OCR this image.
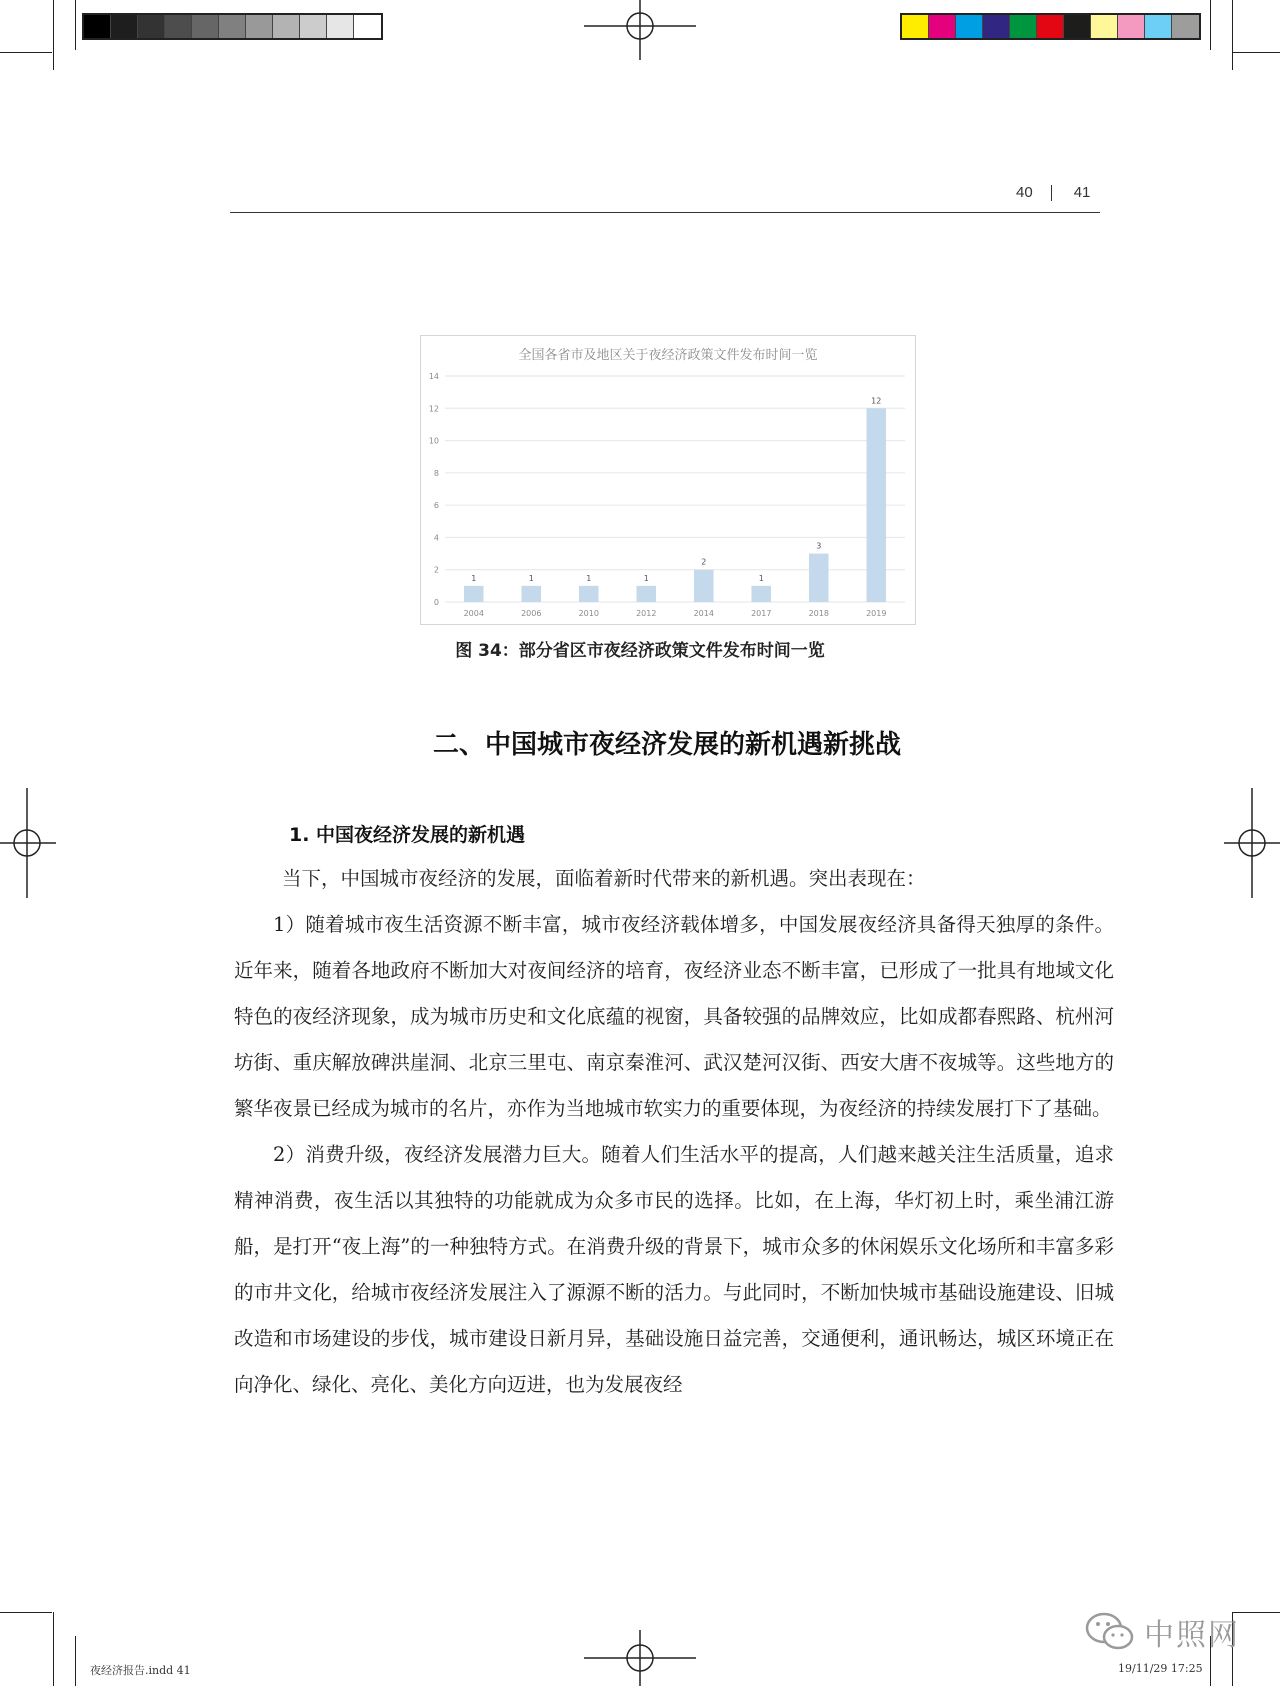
40	41
全国各省市及地区关于夜经济政策文件发布时间一览
0
2
4
6
8
10
12
14
1
2004
1
2006
1
2010
1
2012
2
2014
1
2017
3
2018
12
2019
图 34：部分省区市夜经济政策文件发布时间一览
二、中国城市夜经济发展的新机遇新挑战
1. 中国夜经济发展的新机遇

当下，中国城市夜经济的发展，面临着新时代带来的新机遇。突出表现在：

1）随着城市夜生活资源不断丰富，城市夜经济载体增多，中国发展夜经济具备得天独厚的条件。近年来，随着各地政府不断加大对夜间经济的培育，夜经济业态不断丰富，已形成了一批具有地域文化特色的夜经济现象，成为城市历史和文化底蕴的视窗，具备较强的品牌效应，比如成都春熙路、杭州河坊街、重庆解放碑洪崖洞、北京三里屯、南京秦淮河、武汉楚河汉街、西安大唐不夜城等。这些地方的繁华夜景已经成为城市的名片，亦作为当地城市软实力的重要体现，为夜经济的持续发展打下了基础。

2）消费升级，夜经济发展潜力巨大。随着人们生活水平的提高，人们越来越关注生活质量，追求精神消费，夜生活以其独特的功能就成为众多市民的选择。比如，在上海，华灯初上时，乘坐浦江游船，是打开“夜上海”的一种独特方式。在消费升级的背景下，城市众多的休闲娱乐文化场所和丰富多彩的市井文化，给城市夜经济发展注入了源源不断的活力。与此同时，不断加快城市基础设施建设、旧城改造和市场建设的步伐，城市建设日新月异，基础设施日益完善，交通便利，通讯畅达，城区环境正在向净化、绿化、亮化、美化方向迈进，也为发展夜经

中照网
夜经济报告.indd 41	19/11/29 17:25
